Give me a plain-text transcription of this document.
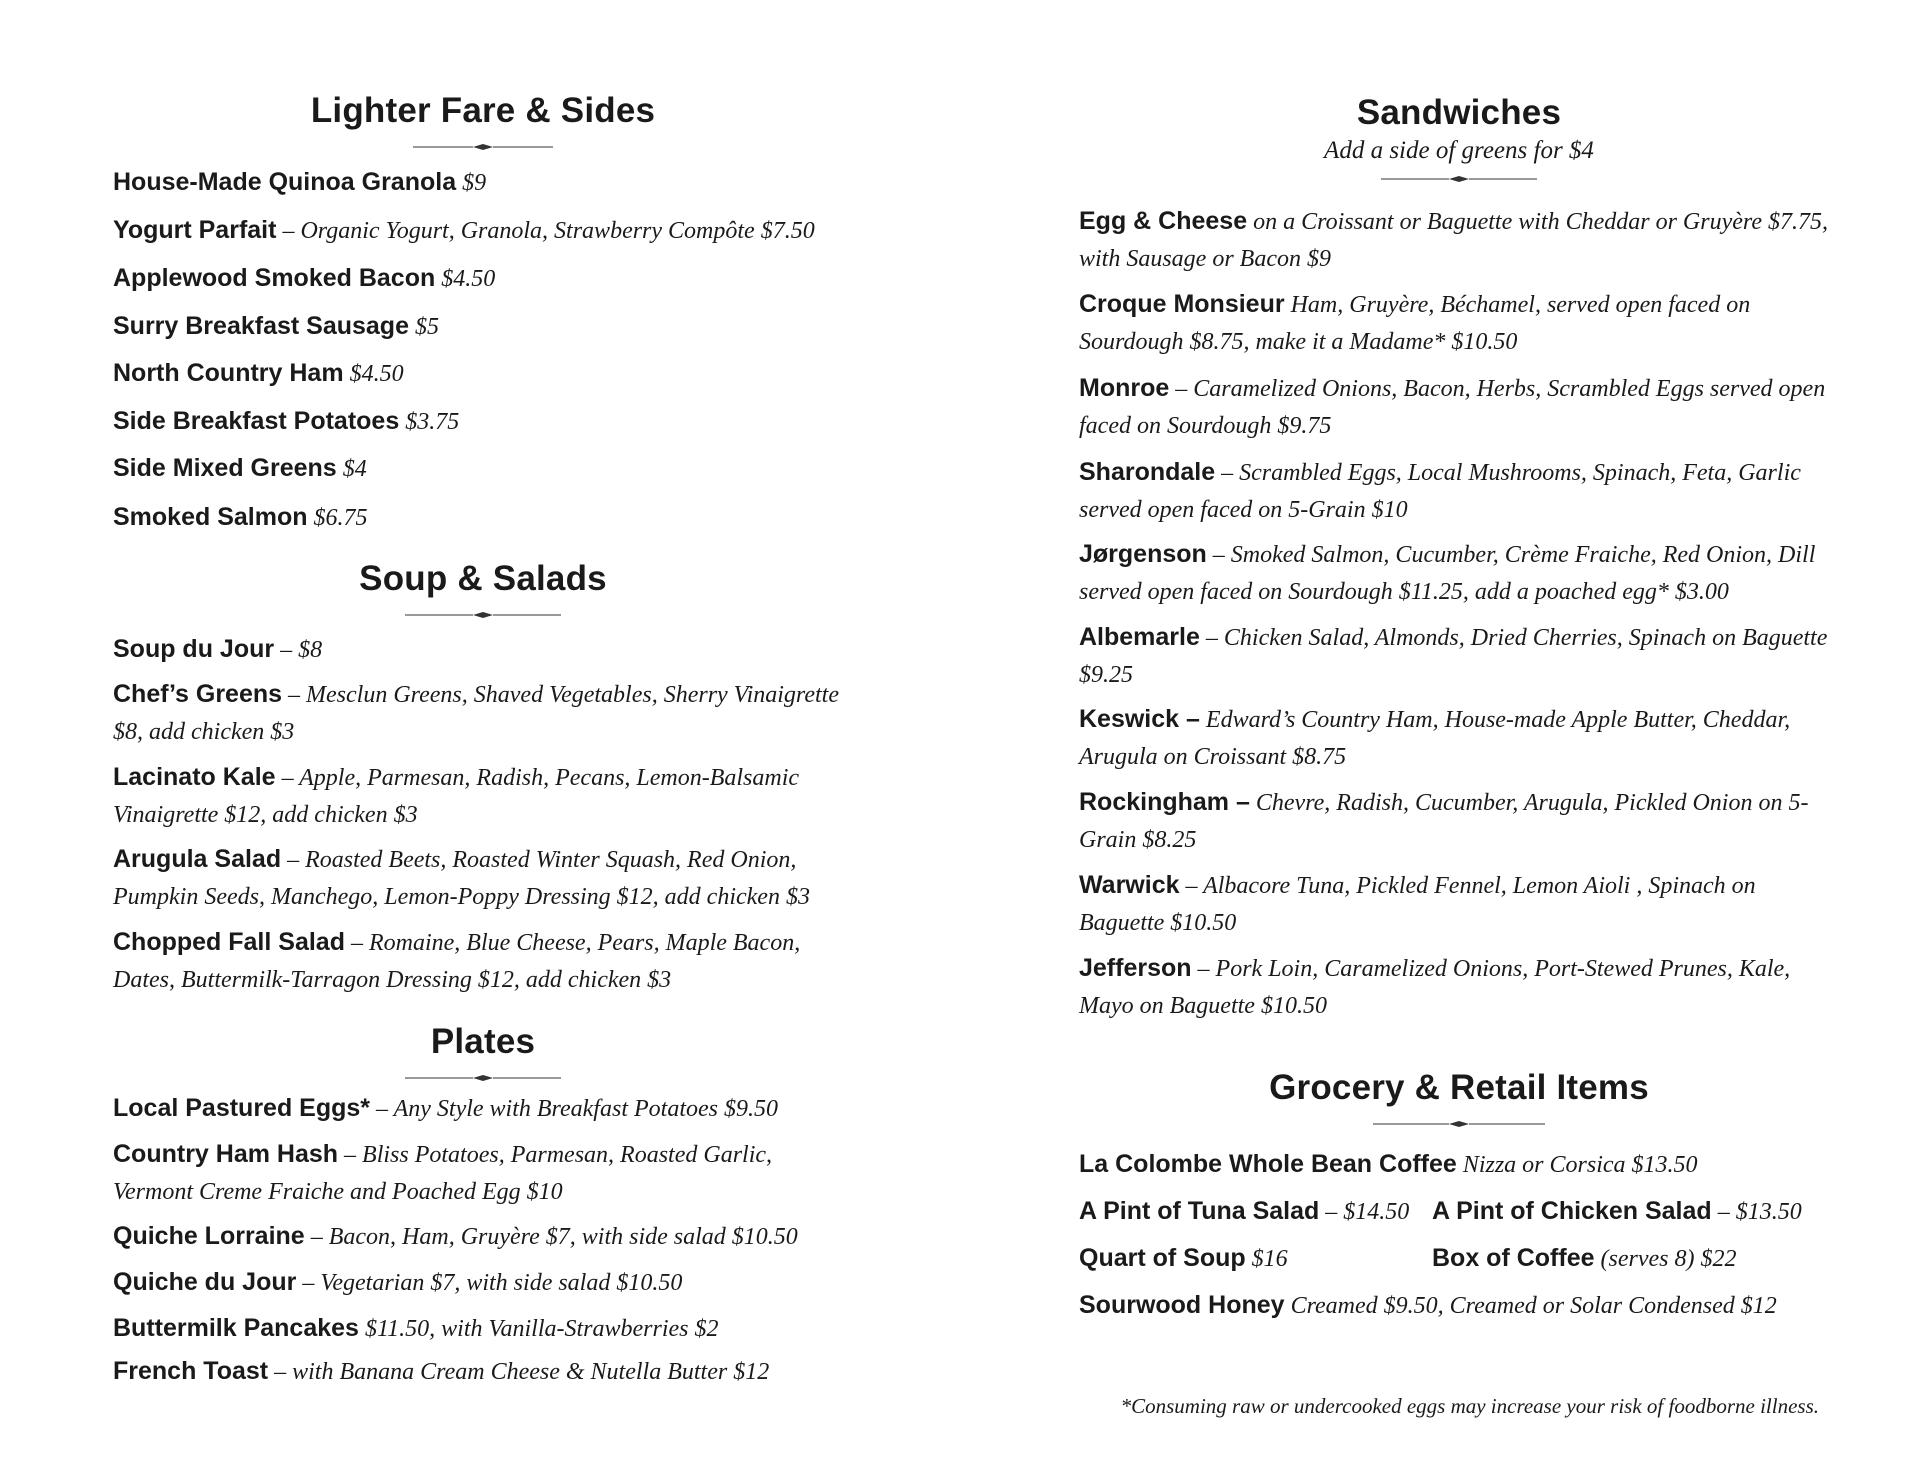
Lighter Fare & Sides
House-Made Quinoa Granola $9
Yogurt Parfait – Organic Yogurt, Granola, Strawberry Compôte $7.50
Applewood Smoked Bacon $4.50
Surry Breakfast Sausage $5
North Country Ham $4.50
Side Breakfast Potatoes $3.75
Side Mixed Greens $4
Smoked Salmon $6.75
Soup & Salads
Soup du Jour – $8
Chef’s Greens – Mesclun Greens, Shaved Vegetables, Sherry Vinaigrette $8, add chicken $3
Lacinato Kale – Apple, Parmesan, Radish, Pecans, Lemon-Balsamic Vinaigrette $12, add chicken $3
Arugula Salad – Roasted Beets, Roasted Winter Squash, Red Onion, Pumpkin Seeds, Manchego, Lemon-Poppy Dressing $12, add chicken $3
Chopped Fall Salad – Romaine, Blue Cheese, Pears, Maple Bacon, Dates, Buttermilk-Tarragon Dressing $12, add chicken $3
Plates
Local Pastured Eggs* – Any Style with Breakfast Potatoes $9.50
Country Ham Hash – Bliss Potatoes, Parmesan, Roasted Garlic, Vermont Creme Fraiche and Poached Egg $10
Quiche Lorraine – Bacon, Ham, Gruyère $7, with side salad $10.50
Quiche du Jour – Vegetarian $7, with side salad $10.50
Buttermilk Pancakes $11.50, with Vanilla-Strawberries $2
French Toast – with Banana Cream Cheese & Nutella Butter $12
Sandwiches
Add a side of greens for $4
Egg & Cheese on a Croissant or Baguette with Cheddar or Gruyère $7.75, with Sausage or Bacon $9
Croque Monsieur Ham, Gruyère, Béchamel, served open faced on Sourdough $8.75, make it a Madame* $10.50
Monroe – Caramelized Onions, Bacon, Herbs, Scrambled Eggs served open faced on Sourdough $9.75
Sharondale – Scrambled Eggs, Local Mushrooms, Spinach, Feta, Garlic served open faced on 5-Grain $10
Jørgenson – Smoked Salmon, Cucumber, Crème Fraiche, Red Onion, Dill served open faced on Sourdough $11.25, add a poached egg* $3.00
Albemarle – Chicken Salad, Almonds, Dried Cherries, Spinach on Baguette $9.25
Keswick – Edward’s Country Ham, House-made Apple Butter, Cheddar, Arugula on Croissant $8.75
Rockingham – Chevre, Radish, Cucumber, Arugula, Pickled Onion on 5-Grain $8.25
Warwick – Albacore Tuna, Pickled Fennel, Lemon Aioli , Spinach on Baguette $10.50
Jefferson – Pork Loin, Caramelized Onions, Port-Stewed Prunes, Kale, Mayo on Baguette $10.50
Grocery & Retail Items
La Colombe Whole Bean Coffee Nizza or Corsica $13.50
A Pint of Tuna Salad – $14.50 A Pint of Chicken Salad – $13.50
Quart of Soup $16	Box of Coffee (serves 8) $22
Sourwood Honey Creamed $9.50, Creamed or Solar Condensed $12
*Consuming raw or undercooked eggs may increase your risk of foodborne illness.
